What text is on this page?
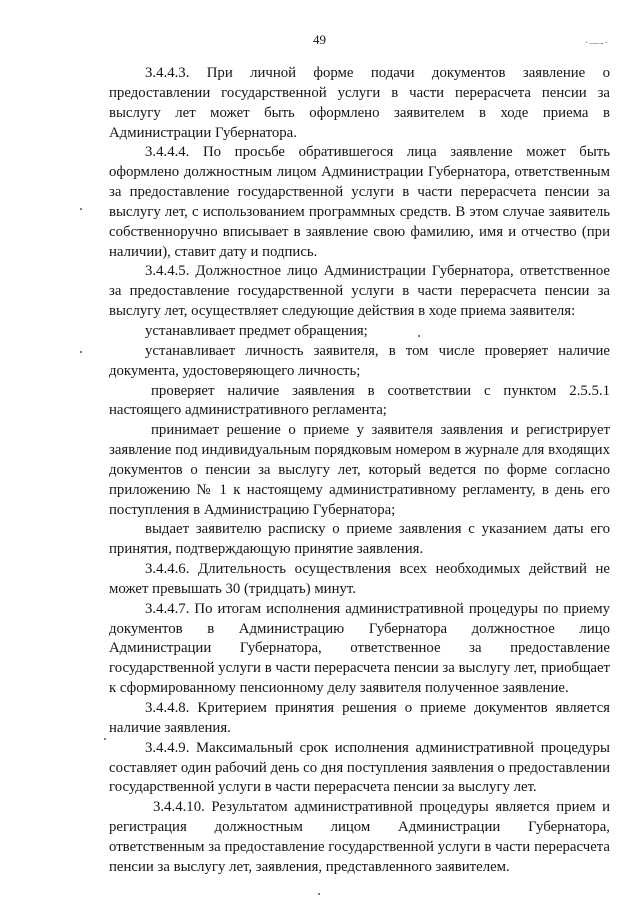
49	·—-·

3.4.4.3. При личной форме подачи документов заявление о предоставлении государственной услуги в части перерасчета пенсии за выслугу лет может быть оформлено заявителем в ходе приема в Администрации Губернатора.

3.4.4.4. По просьбе обратившегося лица заявление может быть оформлено должностным лицом Администрации Губернатора, ответственным за предоставление государственной услуги в части перерасчета пенсии за выслугу лет, с использованием программных средств. В этом случае заявитель собственноручно вписывает в заявление свою фамилию, имя и отчество (при наличии), ставит дату и подпись.

3.4.4.5. Должностное лицо Администрации Губернатора, ответственное за предоставление государственной услуги в части перерасчета пенсии за выслугу лет, осуществляет следующие действия в ходе приема заявителя:

устанавливает предмет обращения;

устанавливает личность заявителя, в том числе проверяет наличие документа, удостоверяющего личность;

проверяет наличие заявления в соответствии с пунктом 2.5.5.1 настоящего административного регламента;

принимает решение о приеме у заявителя заявления и регистрирует заявление под индивидуальным порядковым номером в журнале для входящих документов о пенсии за выслугу лет, который ведется по форме согласно приложению № 1 к настоящему административному регламенту, в день его поступления в Администрацию Губернатора;

выдает заявителю расписку о приеме заявления с указанием даты его принятия, подтверждающую принятие заявления.

3.4.4.6. Длительность осуществления всех необходимых действий не может превышать 30 (тридцать) минут.

3.4.4.7. По итогам исполнения административной процедуры по приему документов в Администрацию Губернатора должностное лицо Администрации Губернатора, ответственное за предоставление государственной услуги в части перерасчета пенсии за выслугу лет, приобщает к сформированному пенсионному делу заявителя полученное заявление.

3.4.4.8. Критерием принятия решения о приеме документов является наличие заявления.

3.4.4.9. Максимальный срок исполнения административной процедуры составляет один рабочий день со дня поступления заявления о предоставлении государственной услуги в части перерасчета пенсии за выслугу лет.

3.4.4.10. Результатом административной процедуры является прием и регистрация должностным лицом Администрации Губернатора, ответственным за предоставление государственной услуги в части перерасчета пенсии за выслугу лет, заявления, представленного заявителем.
